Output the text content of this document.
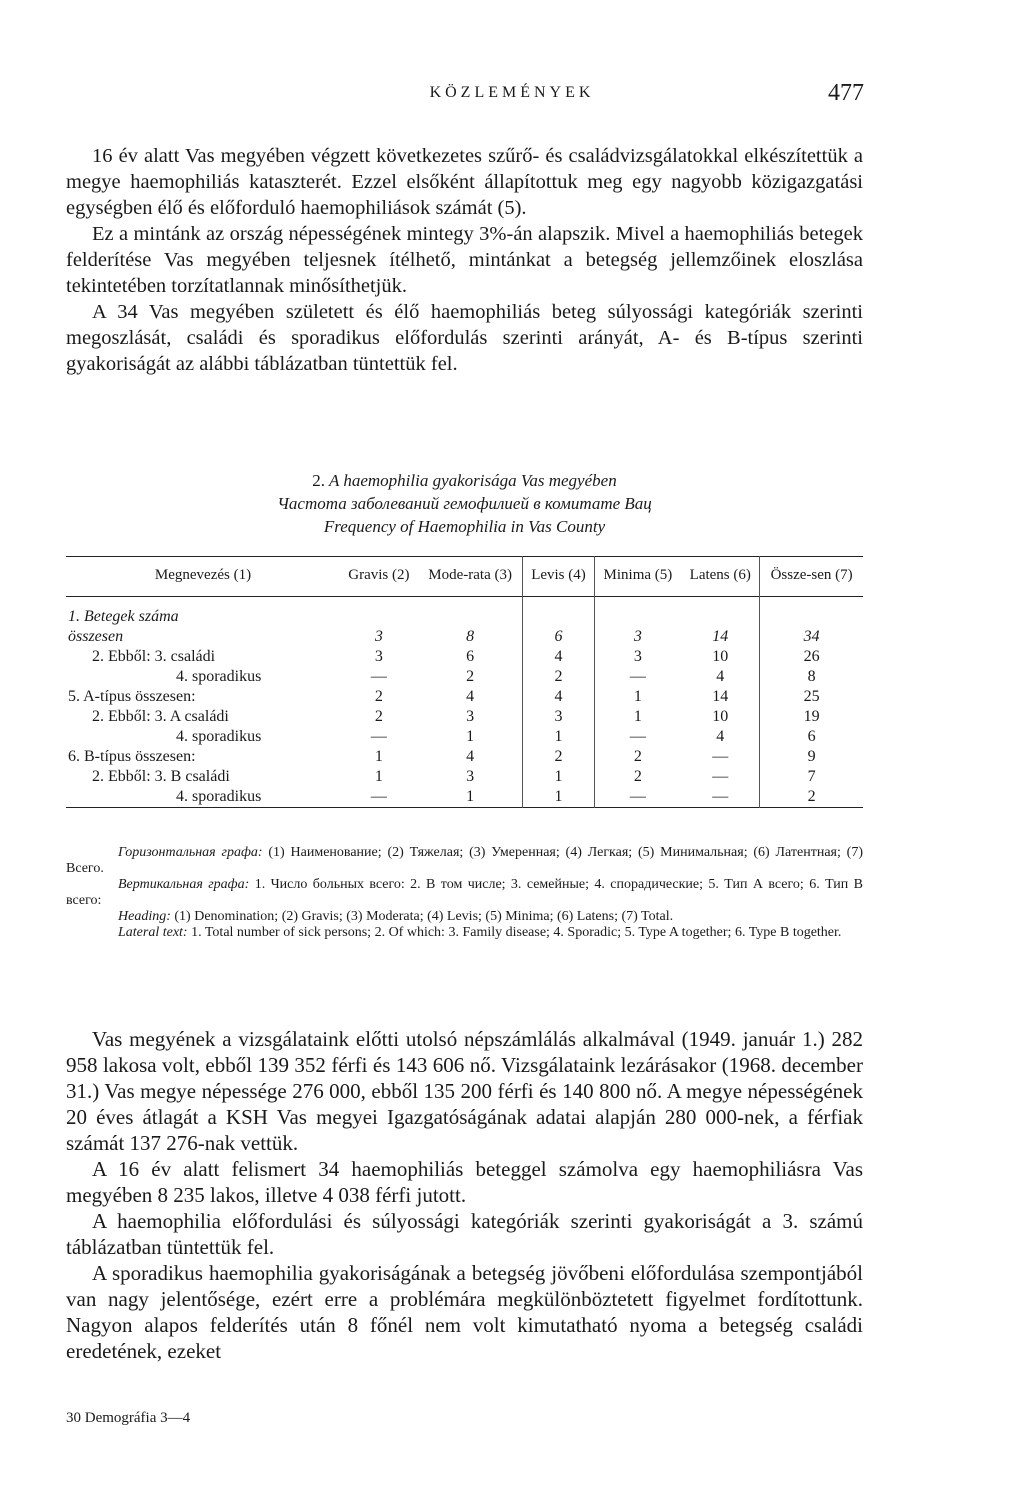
KÖZLEMÉNYEK	477

16 év alatt Vas megyében végzett következetes szűrő- és családvizsgálatokkal elkészítettük a megye haemophiliás kataszterét. Ezzel elsőként állapítottuk meg egy nagyobb közigazgatási egységben élő és előforduló haemophiliások számát (5).

Ez a mintánk az ország népességének mintegy 3%-án alapszik. Mivel a haemophiliás betegek felderítése Vas megyében teljesnek ítélhető, mintánkat a betegség jellemzőinek eloszlása tekintetében torzítatlannak minősíthetjük.

A 34 Vas megyében született és élő haemophiliás beteg súlyossági kategóriák szerinti megoszlását, családi és sporadikus előfordulás szerinti arányát, A- és B-típus szerinti gyakoriságát az alábbi táblázatban tüntettük fel.

2. A haemophilia gyakorisága Vas megyében
Частота заболеваний гемофилией в комитате Вац
Frequency of Haemophilia in Vas County
Megnevezés (1)	Gravis (2)	Mode-rata (3)	Levis (4)	Minima (5)	Latens (6)	Össze-sen (7)
1. Betegek száma						
összesen	3	8	6	3	14	34
2. Ebből: 3. családi	3	6	4	3	10	26
4. sporadikus	—	2	2	—	4	8
5. A-típus összesen:	2	4	4	1	14	25
2. Ebből: 3. A családi	2	3	3	1	10	19
4. sporadikus	—	1	1	—	4	6
6. B-típus összesen:	1	4	2	2	—	9
2. Ebből: 3. B családi	1	3	1	2	—	7
4. sporadikus	—	1	1	—	—	2

Горизонтальная графа: (1) Наименование; (2) Тяжелая; (3) Умеренная; (4) Легкая; (5) Минимальная; (6) Латентная; (7) Всего.

Вертикальная графа: 1. Число больных всего: 2. В том числе; 3. семейные; 4. спорадические; 5. Тип А всего; 6. Тип В всего:

Heading: (1) Denomination; (2) Gravis; (3) Moderata; (4) Levis; (5) Minima; (6) Latens; (7) Total.

Lateral text: 1. Total number of sick persons; 2. Of which: 3. Family disease; 4. Sporadic; 5. Type A together; 6. Type B together.

Vas megyének a vizsgálataink előtti utolsó népszámlálás alkalmával (1949. január 1.) 282 958 lakosa volt, ebből 139 352 férfi és 143 606 nő. Vizsgálataink lezárásakor (1968. december 31.) Vas megye népessége 276 000, ebből 135 200 férfi és 140 800 nő. A megye népességének 20 éves átlagát a KSH Vas megyei Igazgatóságának adatai alapján 280 000-nek, a férfiak számát 137 276-nak vettük.

A 16 év alatt felismert 34 haemophiliás beteggel számolva egy haemophiliásra Vas megyében 8 235 lakos, illetve 4 038 férfi jutott.

A haemophilia előfordulási és súlyossági kategóriák szerinti gyakoriságát a 3. számú táblázatban tüntettük fel.

A sporadikus haemophilia gyakoriságának a betegség jövőbeni előfordulása szempontjából van nagy jelentősége, ezért erre a problémára megkülönböztetett figyelmet fordítottunk. Nagyon alapos felderítés után 8 főnél nem volt kimutatható nyoma a betegség családi eredetének, ezeket

30 Demográfia 3—4
